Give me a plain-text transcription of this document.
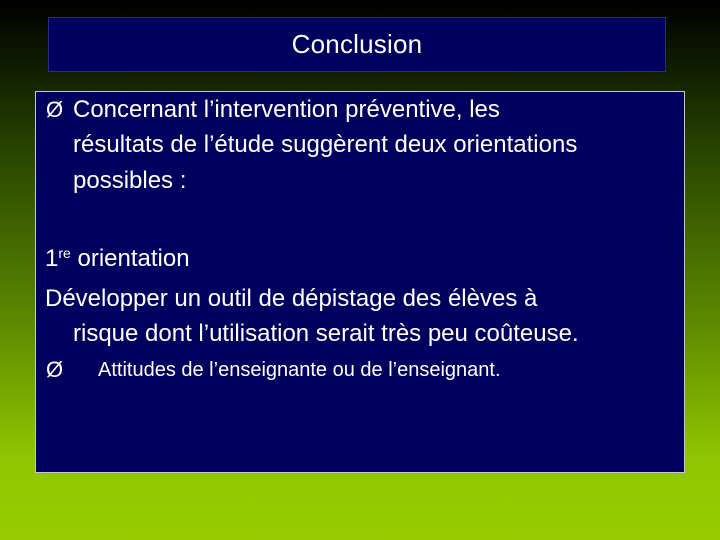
Conclusion
Ø Concernant l’intervention préventive, les
résultats de l’étude suggèrent deux orientations
possibles :
1re orientation
Développer un outil de dépistage des élèves à
risque dont l’utilisation serait très peu coûteuse.
Ø Attitudes de l’enseignante ou de l’enseignant.
